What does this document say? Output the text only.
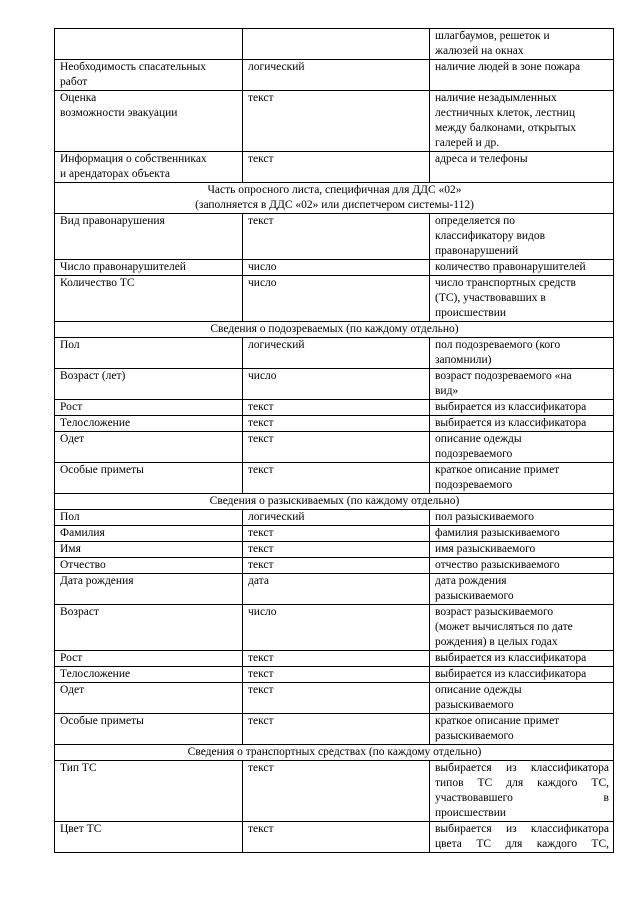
		шлагбаумов, решеток и
жалюзей на окнах

Необходимость спасательных
работ	логический	наличие людей в зоне пожара

Оценка
возможности эвакуации	текст	наличие незадымленных
лестничных клеток, лестниц
между балконами, открытых
галерей и др.

Информация о собственниках
и арендаторах объекта	текст	адреса и телефоны

Часть опросного листа, специфичная для ДДС «02»
(заполняется в ДДС «02» или диспетчером системы-112)		

Вид правонарушения	текст	определяется по
классификатору видов
правонарушений

Число правонарушителей	число	количество правонарушителей

Количество ТС	число	число транспортных средств
(ТС), участвовавших в
происшествии

Сведения о подозреваемых (по каждому отдельно)		

Пол	логический	пол подозреваемого (кого
запомнили)

Возраст (лет)	число	возраст подозреваемого «на
вид»

Рост	текст	выбирается из классификатора

Телосложение	текст	выбирается из классификатора

Одет	текст	описание одежды
подозреваемого

Особые приметы	текст	краткое описание примет
подозреваемого

Сведения о разыскиваемых (по каждому отдельно)		

Пол	логический	пол разыскиваемого

Фамилия	текст	фамилия разыскиваемого

Имя	текст	имя разыскиваемого

Отчество	текст	отчество разыскиваемого

Дата рождения	дата	дата рождения
разыскиваемого

Возраст	число	возраст разыскиваемого
(может вычисляться по дате
рождения) в целых годах

Рост	текст	выбирается из классификатора

Телосложение	текст	выбирается из классификатора

Одет	текст	описание одежды
разыскиваемого

Особые приметы	текст	краткое описание примет
разыскиваемого

Сведения о транспортных средствах (по каждому отдельно)		

Тип ТС	текст	выбирается из классификатора
типов ТС для каждого ТС,
участвовавшего в
происшествии

Цвет ТС	текст	выбирается из классификатора
цвета ТС для каждого ТС,
